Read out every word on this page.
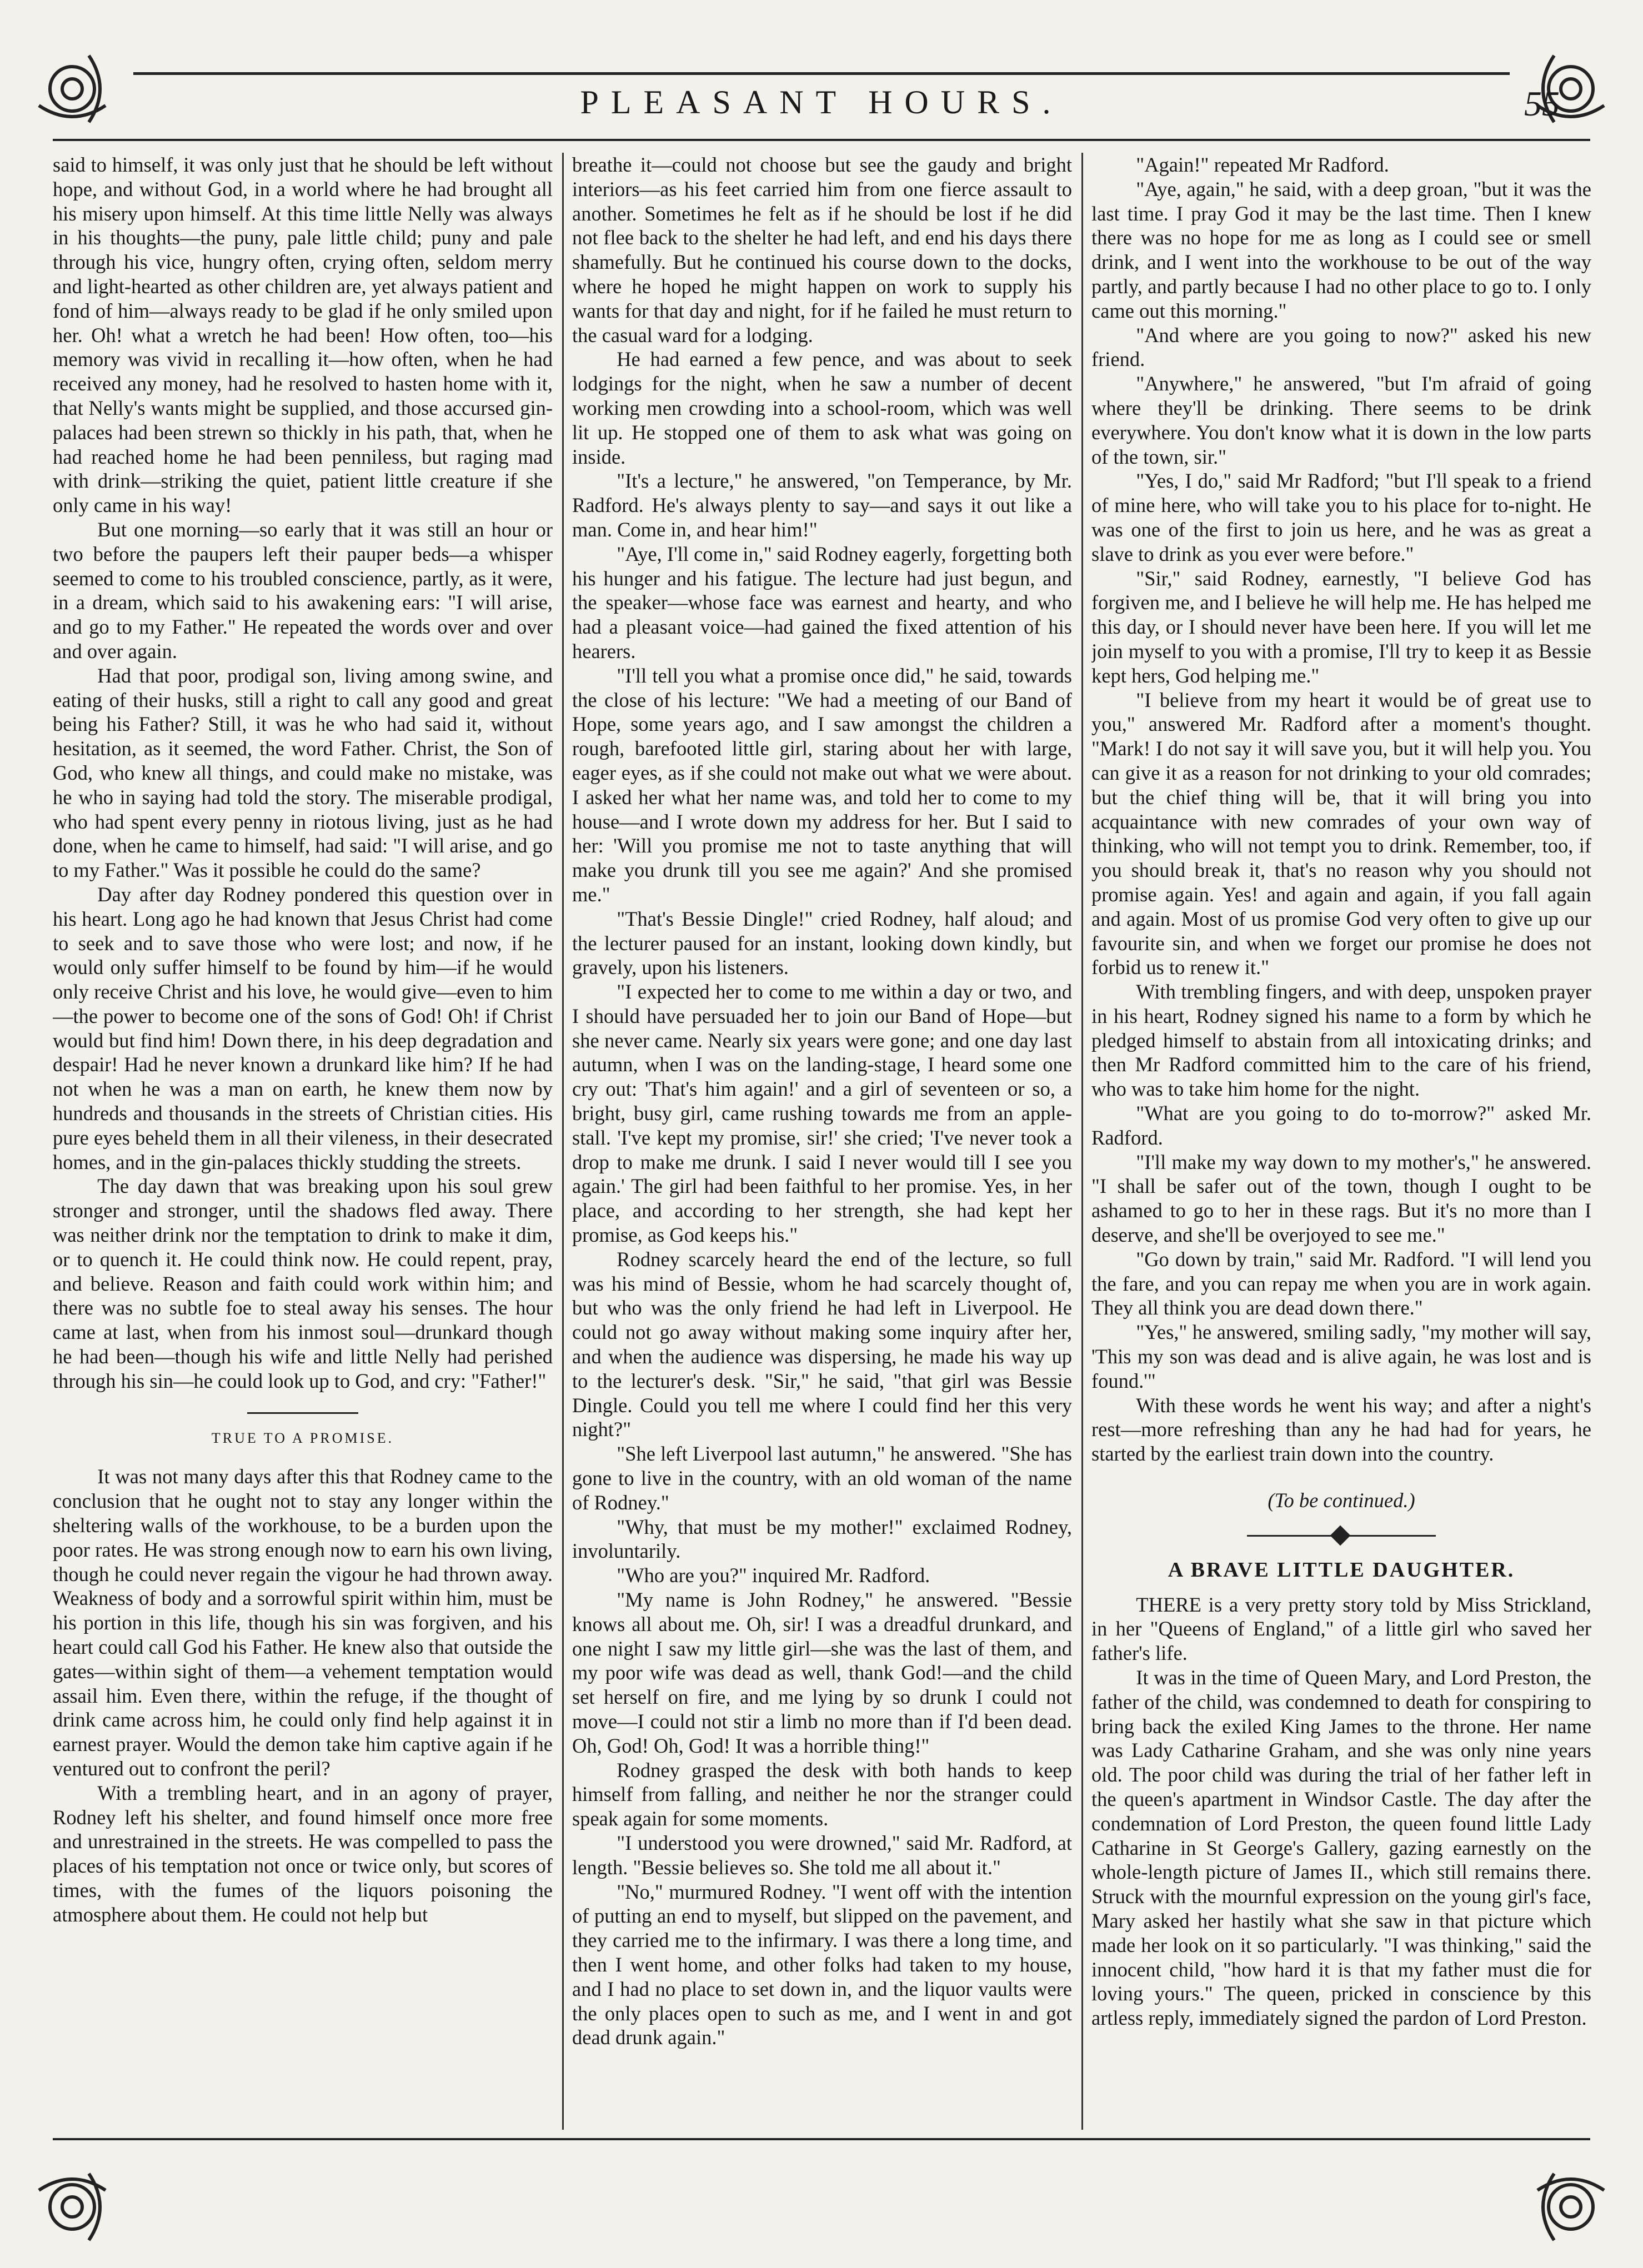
PLEASANT HOURS.	55

said to himself, it was only just that he should be left without hope, and without God, in a world where he had brought all his misery upon himself. At this time little Nelly was always in his thoughts—the puny, pale little child; puny and pale through his vice, hungry often, crying often, seldom merry and light-hearted as other children are, yet always patient and fond of him—always ready to be glad if he only smiled upon her. Oh! what a wretch he had been! How often, too—his memory was vivid in recalling it—how often, when he had received any money, had he resolved to hasten home with it, that Nelly's wants might be supplied, and those accursed gin-palaces had been strewn so thickly in his path, that, when he had reached home he had been penniless, but raging mad with drink—striking the quiet, patient little creature if she only came in his way!

But one morning—so early that it was still an hour or two before the paupers left their pauper beds—a whisper seemed to come to his troubled conscience, partly, as it were, in a dream, which said to his awakening ears: "I will arise, and go to my Father." He repeated the words over and over and over again.

Had that poor, prodigal son, living among swine, and eating of their husks, still a right to call any good and great being his Father? Still, it was he who had said it, without hesitation, as it seemed, the word Father. Christ, the Son of God, who knew all things, and could make no mistake, was he who in saying had told the story. The miserable prodigal, who had spent every penny in riotous living, just as he had done, when he came to himself, had said: "I will arise, and go to my Father." Was it possible he could do the same?

Day after day Rodney pondered this question over in his heart. Long ago he had known that Jesus Christ had come to seek and to save those who were lost; and now, if he would only suffer himself to be found by him—if he would only receive Christ and his love, he would give—even to him—the power to become one of the sons of God! Oh! if Christ would but find him! Down there, in his deep degradation and despair! Had he never known a drunkard like him? If he had not when he was a man on earth, he knew them now by hundreds and thousands in the streets of Christian cities. His pure eyes beheld them in all their vileness, in their desecrated homes, and in the gin-palaces thickly studding the streets.

The day dawn that was breaking upon his soul grew stronger and stronger, until the shadows fled away. There was neither drink nor the temptation to drink to make it dim, or to quench it. He could think now. He could repent, pray, and believe. Reason and faith could work within him; and there was no subtle foe to steal away his senses. The hour came at last, when from his inmost soul—drunkard though he had been—though his wife and little Nelly had perished through his sin—he could look up to God, and cry: "Father!"

TRUE TO A PROMISE.

It was not many days after this that Rodney came to the conclusion that he ought not to stay any longer within the sheltering walls of the workhouse, to be a burden upon the poor rates. He was strong enough now to earn his own living, though he could never regain the vigour he had thrown away. Weakness of body and a sorrowful spirit within him, must be his portion in this life, though his sin was forgiven, and his heart could call God his Father. He knew also that outside the gates—within sight of them—a vehement temptation would assail him. Even there, within the refuge, if the thought of drink came across him, he could only find help against it in earnest prayer. Would the demon take him captive again if he ventured out to confront the peril?

With a trembling heart, and in an agony of prayer, Rodney left his shelter, and found himself once more free and unrestrained in the streets. He was compelled to pass the places of his temptation not once or twice only, but scores of times, with the fumes of the liquors poisoning the atmosphere about them. He could not help but

breathe it—could not choose but see the gaudy and bright interiors—as his feet carried him from one fierce assault to another. Sometimes he felt as if he should be lost if he did not flee back to the shelter he had left, and end his days there shamefully. But he continued his course down to the docks, where he hoped he might happen on work to supply his wants for that day and night, for if he failed he must return to the casual ward for a lodging.

He had earned a few pence, and was about to seek lodgings for the night, when he saw a number of decent working men crowding into a school-room, which was well lit up. He stopped one of them to ask what was going on inside.

"It's a lecture," he answered, "on Temperance, by Mr. Radford. He's always plenty to say—and says it out like a man. Come in, and hear him!"

"Aye, I'll come in," said Rodney eagerly, forgetting both his hunger and his fatigue. The lecture had just begun, and the speaker—whose face was earnest and hearty, and who had a pleasant voice—had gained the fixed attention of his hearers.

"I'll tell you what a promise once did," he said, towards the close of his lecture: "We had a meeting of our Band of Hope, some years ago, and I saw amongst the children a rough, barefooted little girl, staring about her with large, eager eyes, as if she could not make out what we were about. I asked her what her name was, and told her to come to my house—and I wrote down my address for her. But I said to her: 'Will you promise me not to taste anything that will make you drunk till you see me again?' And she promised me."

"That's Bessie Dingle!" cried Rodney, half aloud; and the lecturer paused for an instant, looking down kindly, but gravely, upon his listeners.

"I expected her to come to me within a day or two, and I should have persuaded her to join our Band of Hope—but she never came. Nearly six years were gone; and one day last autumn, when I was on the landing-stage, I heard some one cry out: 'That's him again!' and a girl of seventeen or so, a bright, busy girl, came rushing towards me from an apple-stall. 'I've kept my promise, sir!' she cried; 'I've never took a drop to make me drunk. I said I never would till I see you again.' The girl had been faithful to her promise. Yes, in her place, and according to her strength, she had kept her promise, as God keeps his."

Rodney scarcely heard the end of the lecture, so full was his mind of Bessie, whom he had scarcely thought of, but who was the only friend he had left in Liverpool. He could not go away without making some inquiry after her, and when the audience was dispersing, he made his way up to the lecturer's desk. "Sir," he said, "that girl was Bessie Dingle. Could you tell me where I could find her this very night?"

"She left Liverpool last autumn," he answered. "She has gone to live in the country, with an old woman of the name of Rodney."

"Why, that must be my mother!" exclaimed Rodney, involuntarily.

"Who are you?" inquired Mr. Radford.

"My name is John Rodney," he answered. "Bessie knows all about me. Oh, sir! I was a dreadful drunkard, and one night I saw my little girl—she was the last of them, and my poor wife was dead as well, thank God!—and the child set herself on fire, and me lying by so drunk I could not move—I could not stir a limb no more than if I'd been dead. Oh, God! Oh, God! It was a horrible thing!"

Rodney grasped the desk with both hands to keep himself from falling, and neither he nor the stranger could speak again for some moments.

"I understood you were drowned," said Mr. Radford, at length. "Bessie believes so. She told me all about it."

"No," murmured Rodney. "I went off with the intention of putting an end to myself, but slipped on the pavement, and they carried me to the infirmary. I was there a long time, and then I went home, and other folks had taken to my house, and I had no place to set down in, and the liquor vaults were the only places open to such as me, and I went in and got dead drunk again."

"Again!" repeated Mr Radford.

"Aye, again," he said, with a deep groan, "but it was the last time. I pray God it may be the last time. Then I knew there was no hope for me as long as I could see or smell drink, and I went into the workhouse to be out of the way partly, and partly because I had no other place to go to. I only came out this morning."

"And where are you going to now?" asked his new friend.

"Anywhere," he answered, "but I'm afraid of going where they'll be drinking. There seems to be drink everywhere. You don't know what it is down in the low parts of the town, sir."

"Yes, I do," said Mr Radford; "but I'll speak to a friend of mine here, who will take you to his place for to-night. He was one of the first to join us here, and he was as great a slave to drink as you ever were before."

"Sir," said Rodney, earnestly, "I believe God has forgiven me, and I believe he will help me. He has helped me this day, or I should never have been here. If you will let me join myself to you with a promise, I'll try to keep it as Bessie kept hers, God helping me."

"I believe from my heart it would be of great use to you," answered Mr. Radford after a moment's thought. "Mark! I do not say it will save you, but it will help you. You can give it as a reason for not drinking to your old comrades; but the chief thing will be, that it will bring you into acquaintance with new comrades of your own way of thinking, who will not tempt you to drink. Remember, too, if you should break it, that's no reason why you should not promise again. Yes! and again and again, if you fall again and again. Most of us promise God very often to give up our favourite sin, and when we forget our promise he does not forbid us to renew it."

With trembling fingers, and with deep, unspoken prayer in his heart, Rodney signed his name to a form by which he pledged himself to abstain from all intoxicating drinks; and then Mr Radford committed him to the care of his friend, who was to take him home for the night.

"What are you going to do to-morrow?" asked Mr. Radford.

"I'll make my way down to my mother's," he answered. "I shall be safer out of the town, though I ought to be ashamed to go to her in these rags. But it's no more than I deserve, and she'll be overjoyed to see me."

"Go down by train," said Mr. Radford. "I will lend you the fare, and you can repay me when you are in work again. They all think you are dead down there."

"Yes," he answered, smiling sadly, "my mother will say, 'This my son was dead and is alive again, he was lost and is found.'"

With these words he went his way; and after a night's rest—more refreshing than any he had had for years, he started by the earliest train down into the country.

(To be continued.)
A BRAVE LITTLE DAUGHTER.

THERE is a very pretty story told by Miss Strickland, in her "Queens of England," of a little girl who saved her father's life.

It was in the time of Queen Mary, and Lord Preston, the father of the child, was condemned to death for conspiring to bring back the exiled King James to the throne. Her name was Lady Catharine Graham, and she was only nine years old. The poor child was during the trial of her father left in the queen's apartment in Windsor Castle. The day after the condemnation of Lord Preston, the queen found little Lady Catharine in St George's Gallery, gazing earnestly on the whole-length picture of James II., which still remains there. Struck with the mournful expression on the young girl's face, Mary asked her hastily what she saw in that picture which made her look on it so particularly. "I was thinking," said the innocent child, "how hard it is that my father must die for loving yours." The queen, pricked in conscience by this artless reply, immediately signed the pardon of Lord Preston.
